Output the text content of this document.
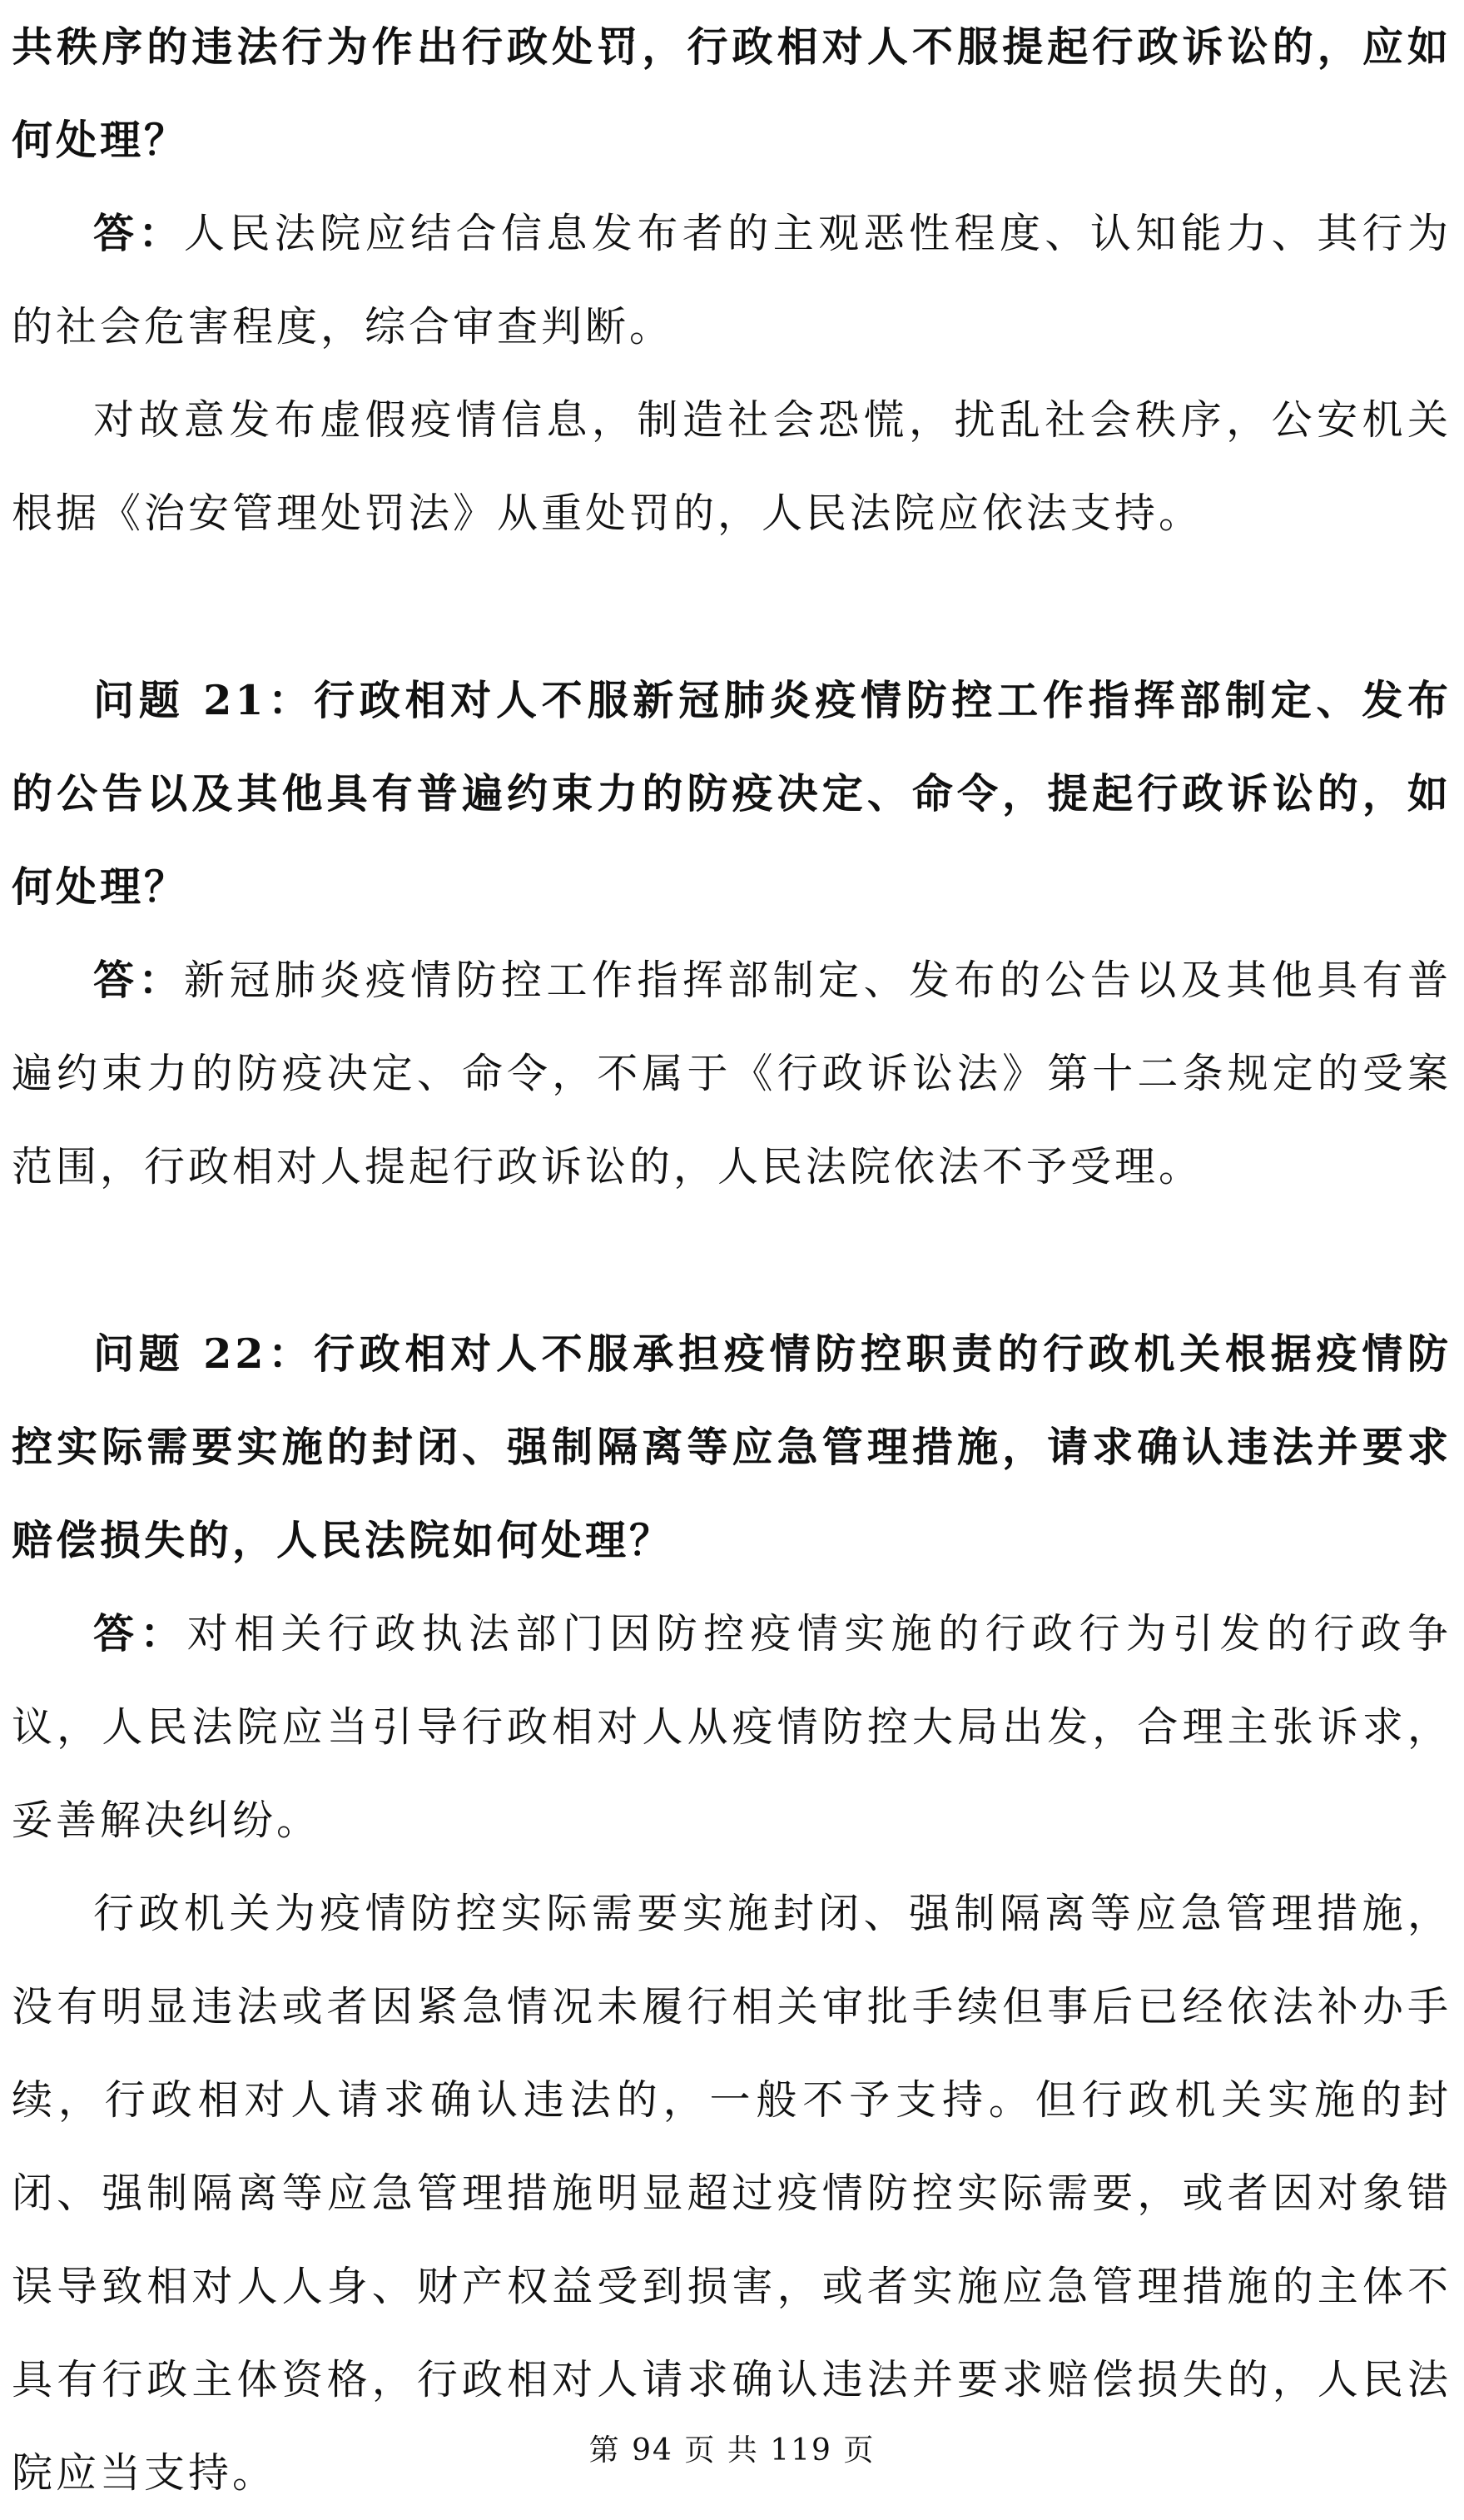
共秩序的违法行为作出行政处罚，行政相对人不服提起行政诉讼的，应如何处理？

答：人民法院应结合信息发布者的主观恶性程度、认知能力、其行为的社会危害程度，综合审查判断。

对故意发布虚假疫情信息，制造社会恐慌，扰乱社会秩序，公安机关根据《治安管理处罚法》从重处罚的，人民法院应依法支持。

问题 21：行政相对人不服新冠肺炎疫情防控工作指挥部制定、发布的公告以及其他具有普遍约束力的防疫决定、命令，提起行政诉讼的，如何处理？

答：新冠肺炎疫情防控工作指挥部制定、发布的公告以及其他具有普遍约束力的防疫决定、命令，不属于《行政诉讼法》第十二条规定的受案范围，行政相对人提起行政诉讼的，人民法院依法不予受理。

问题 22：行政相对人不服承担疫情防控职责的行政机关根据疫情防控实际需要实施的封闭、强制隔离等应急管理措施，请求确认违法并要求赔偿损失的，人民法院如何处理？

答：对相关行政执法部门因防控疫情实施的行政行为引发的行政争议，人民法院应当引导行政相对人从疫情防控大局出发，合理主张诉求，妥善解决纠纷。

行政机关为疫情防控实际需要实施封闭、强制隔离等应急管理措施，没有明显违法或者因紧急情况未履行相关审批手续但事后已经依法补办手续，行政相对人请求确认违法的，一般不予支持。但行政机关实施的封闭、强制隔离等应急管理措施明显超过疫情防控实际需要，或者因对象错误导致相对人人身、财产权益受到损害，或者实施应急管理措施的主体不具有行政主体资格，行政相对人请求确认违法并要求赔偿损失的，人民法院应当支持。	第 94 页 共 119 页
